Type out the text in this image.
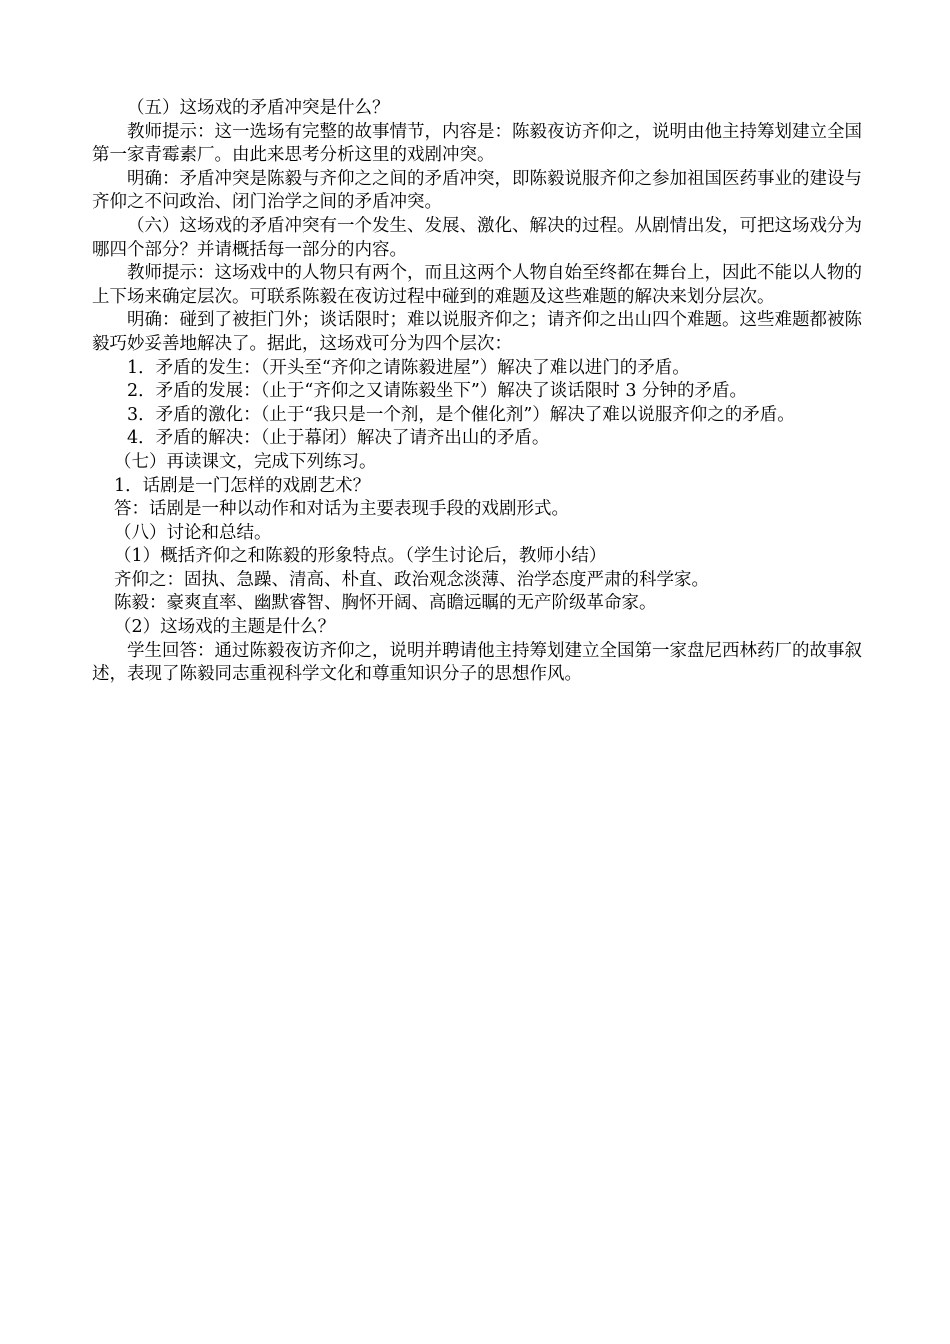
（五）这场戏的矛盾冲突是什么？

教师提示：这一选场有完整的故事情节，内容是：陈毅夜访齐仰之，说明由他主持筹划建立全国第一家青霉素厂。由此来思考分析这里的戏剧冲突。

明确：矛盾冲突是陈毅与齐仰之之间的矛盾冲突，即陈毅说服齐仰之参加祖国医药事业的建设与齐仰之不问政治、闭门治学之间的矛盾冲突。

（六）这场戏的矛盾冲突有一个发生、发展、激化、解决的过程。从剧情出发，可把这场戏分为哪四个部分？并请概括每一部分的内容。

教师提示：这场戏中的人物只有两个，而且这两个人物自始至终都在舞台上，因此不能以人物的上下场来确定层次。可联系陈毅在夜访过程中碰到的难题及这些难题的解决来划分层次。

明确：碰到了被拒门外；谈话限时；难以说服齐仰之；请齐仰之出山四个难题。这些难题都被陈毅巧妙妥善地解决了。据此，这场戏可分为四个层次：

1．矛盾的发生：（开头至“齐仰之请陈毅进屋”）解决了难以进门的矛盾。

2．矛盾的发展：（止于“齐仰之又请陈毅坐下”）解决了谈话限时 3 分钟的矛盾。

3．矛盾的激化：（止于“我只是一个剂，是个催化剂”）解决了难以说服齐仰之的矛盾。

4．矛盾的解决：（止于幕闭）解决了请齐出山的矛盾。

（七）再读课文，完成下列练习。

1．话剧是一门怎样的戏剧艺术？

答：话剧是一种以动作和对话为主要表现手段的戏剧形式。

（八）讨论和总结。

（1）概括齐仰之和陈毅的形象特点。（学生讨论后，教师小结）

齐仰之：固执、急躁、清高、朴直、政治观念淡薄、治学态度严肃的科学家。

陈毅：豪爽直率、幽默睿智、胸怀开阔、高瞻远瞩的无产阶级革命家。

（2）这场戏的主题是什么？

学生回答：通过陈毅夜访齐仰之，说明并聘请他主持筹划建立全国第一家盘尼西林药厂的故事叙述，表现了陈毅同志重视科学文化和尊重知识分子的思想作风。
